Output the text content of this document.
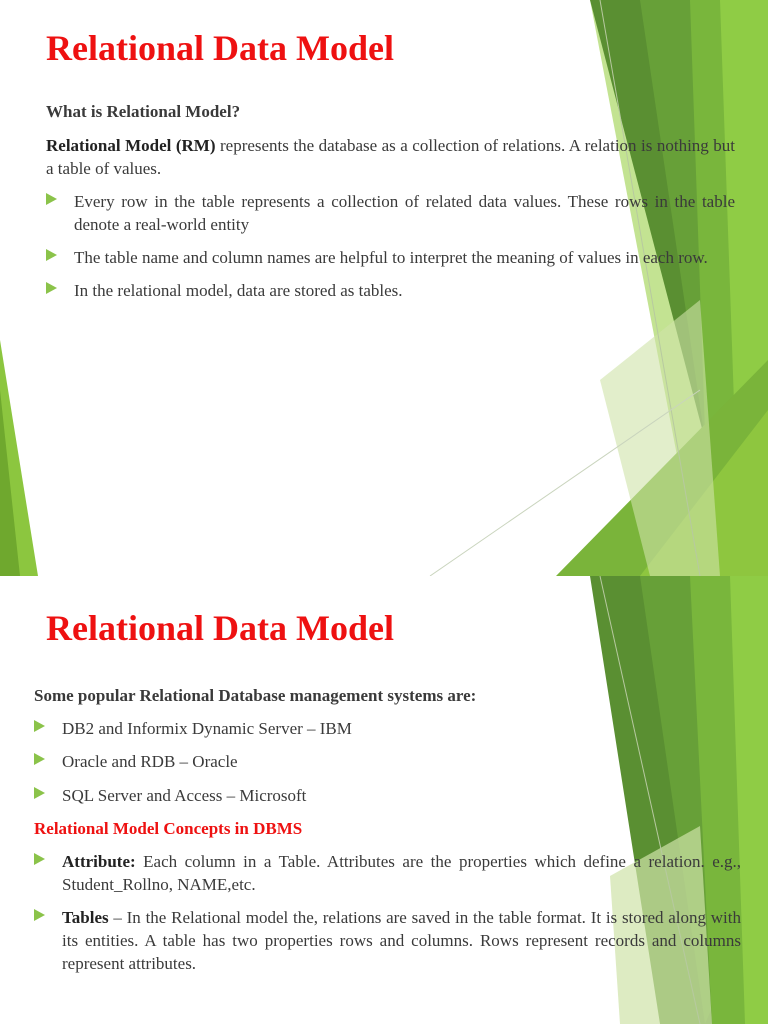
Relational Data Model

What is Relational Model?

Relational Model (RM) represents the database as a collection of relations. A relation is nothing but a table of values.

Every row in the table represents a collection of related data values. These rows in the table denote a real-world entity
The table name and column names are helpful to interpret the meaning of values in each row.
In the relational model, data are stored as tables.
Relational Data Model

Some popular Relational Database management systems are:

DB2 and Informix Dynamic Server – IBM
Oracle and RDB – Oracle
SQL Server and Access – Microsoft

Relational Model Concepts in DBMS

Attribute: Each column in a Table. Attributes are the properties which define a relation. e.g., Student_Rollno, NAME,etc.
Tables – In the Relational model the, relations are saved in the table format. It is stored along with its entities. A table has two properties rows and columns. Rows represent records and columns represent attributes.
